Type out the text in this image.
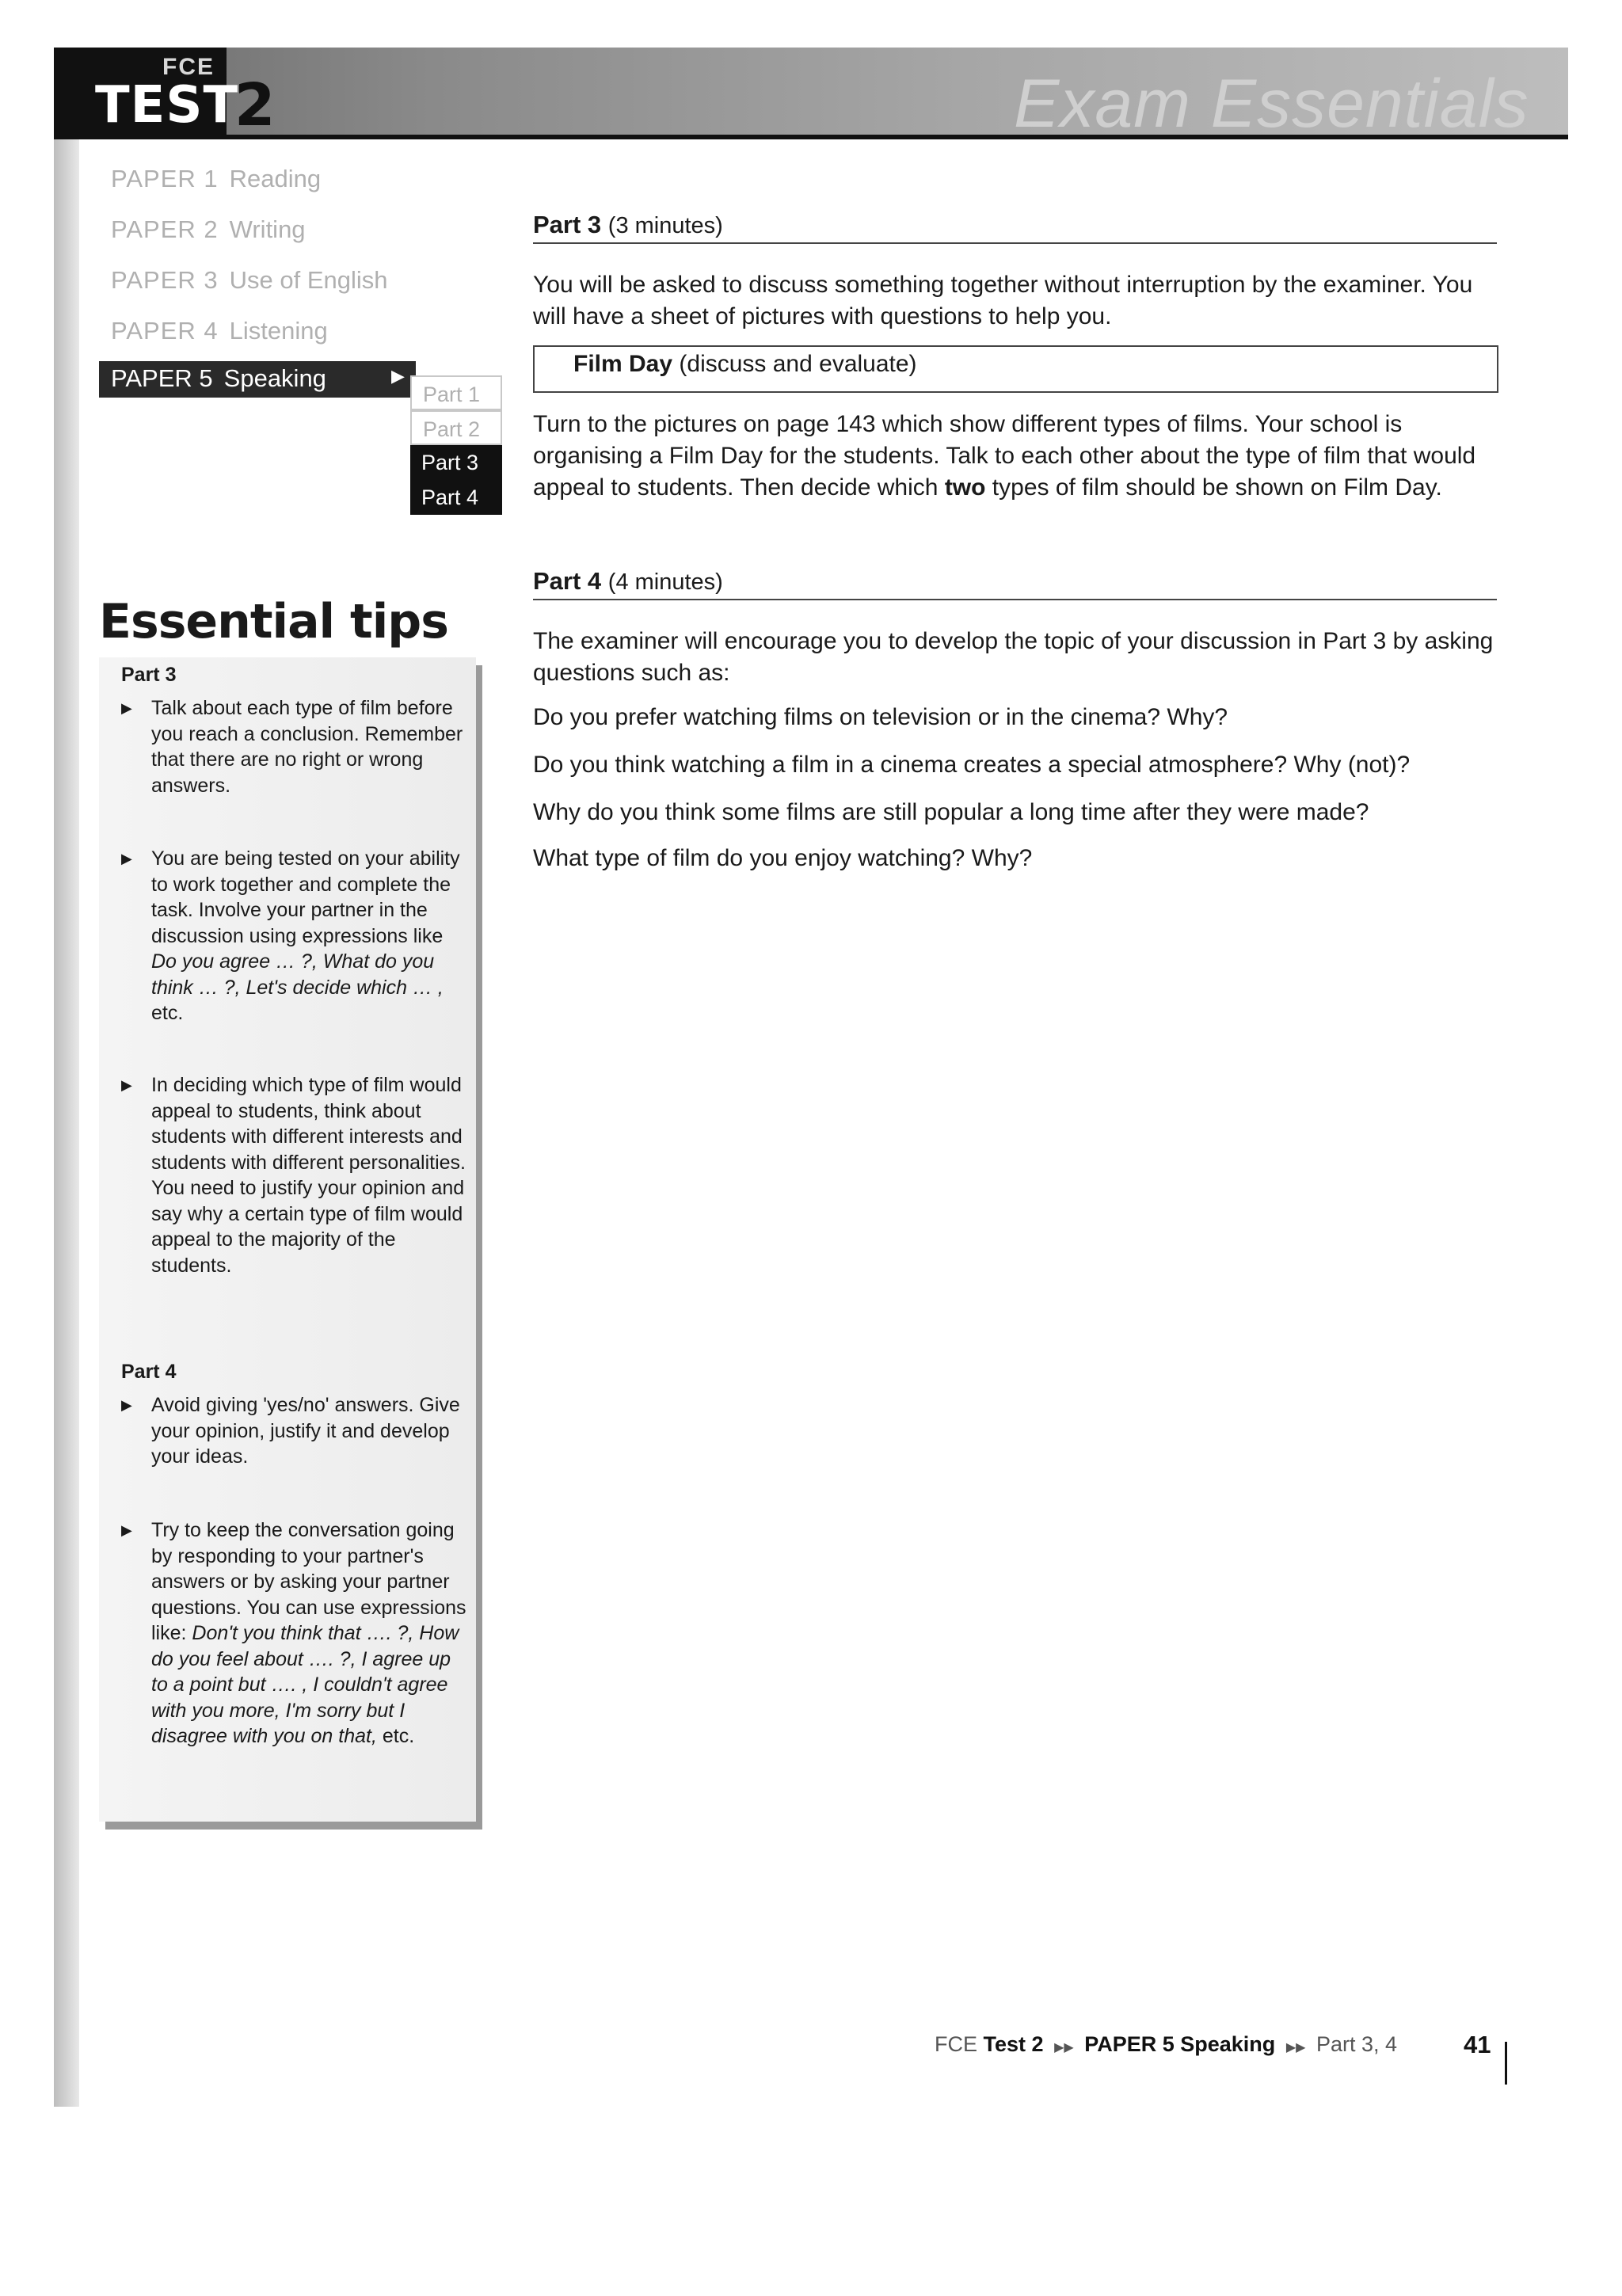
FCE
TEST
2	Exam Essentials
PAPER 1 Reading
PAPER 2 Writing
PAPER 3 Use of English
PAPER 4 Listening
PAPER 5 Speaking	▶
Part 1
Part 2
Part 3
Part 4
Essential tips
Part 3
▶ Talk about each type of film before you reach a conclusion. Remember that there are no right or wrong answers.
▶ You are being tested on your ability to work together and complete the task. Involve your partner in the discussion using expressions like Do you agree … ?, What do you think … ?, Let's decide which … , etc.
▶ In deciding which type of film would appeal to students, think about students with different interests and students with different personalities. You need to justify your opinion and say why a certain type of film would appeal to the majority of the students.
Part 4
▶ Avoid giving 'yes/no' answers. Give your opinion, justify it and develop your ideas.
▶ Try to keep the conversation going by responding to your partner's answers or by asking your partner questions. You can use expressions like: Don't you think that …. ?, How do you feel about …. ?, I agree up to a point but …. , I couldn't agree with you more, I'm sorry but I disagree with you on that, etc.
Part 3 (3 minutes)
You will be asked to discuss something together without interruption by the examiner. You will have a sheet of pictures with questions to help you.
Film Day (discuss and evaluate)
Turn to the pictures on page 143 which show different types of films. Your school is organising a Film Day for the students. Talk to each other about the type of film that would appeal to students. Then decide which two types of film should be shown on Film Day.
Part 4 (4 minutes)
The examiner will encourage you to develop the topic of your discussion in Part 3 by asking questions such as:
Do you prefer watching films on television or in the cinema? Why?
Do you think watching a film in a cinema creates a special atmosphere? Why (not)?
Why do you think some films are still popular a long time after they were made?
What type of film do you enjoy watching? Why?
FCE Test 2 ▶▶ PAPER 5 Speaking ▶▶ Part 3, 4	41
